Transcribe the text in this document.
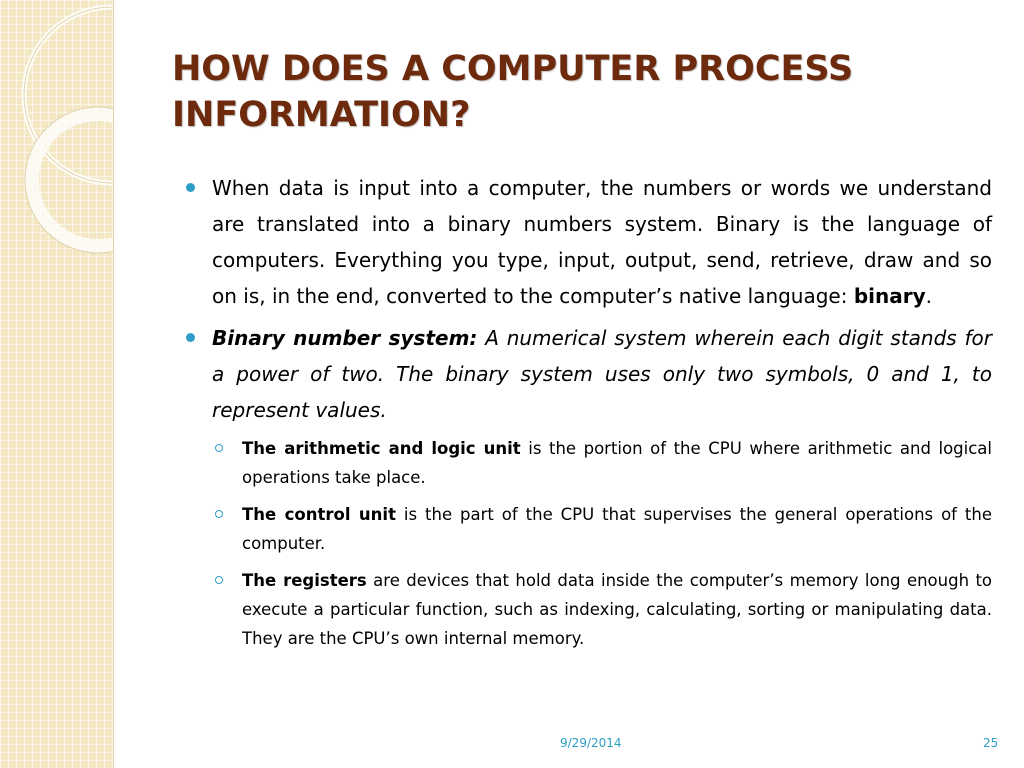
HOW DOES A COMPUTER PROCESS INFORMATION?
When data is input into a computer, the numbers or words we understand are translated into a binary numbers system. Binary is the language of computers. Everything you type, input, output, send, retrieve, draw and so on is, in the end, converted to the computer’s native language: binary.
Binary number system: A numerical system wherein each digit stands for a power of two. The binary system uses only two symbols, 0 and 1, to represent values.
The arithmetic and logic unit is the portion of the CPU where arithmetic and logical operations take place.
The control unit is the part of the CPU that supervises the general operations of the computer.
The registers are devices that hold data inside the computer’s memory long enough to execute a particular function, such as indexing, calculating, sorting or manipulating data. They are the CPU’s own internal memory.
9/29/2014	25
